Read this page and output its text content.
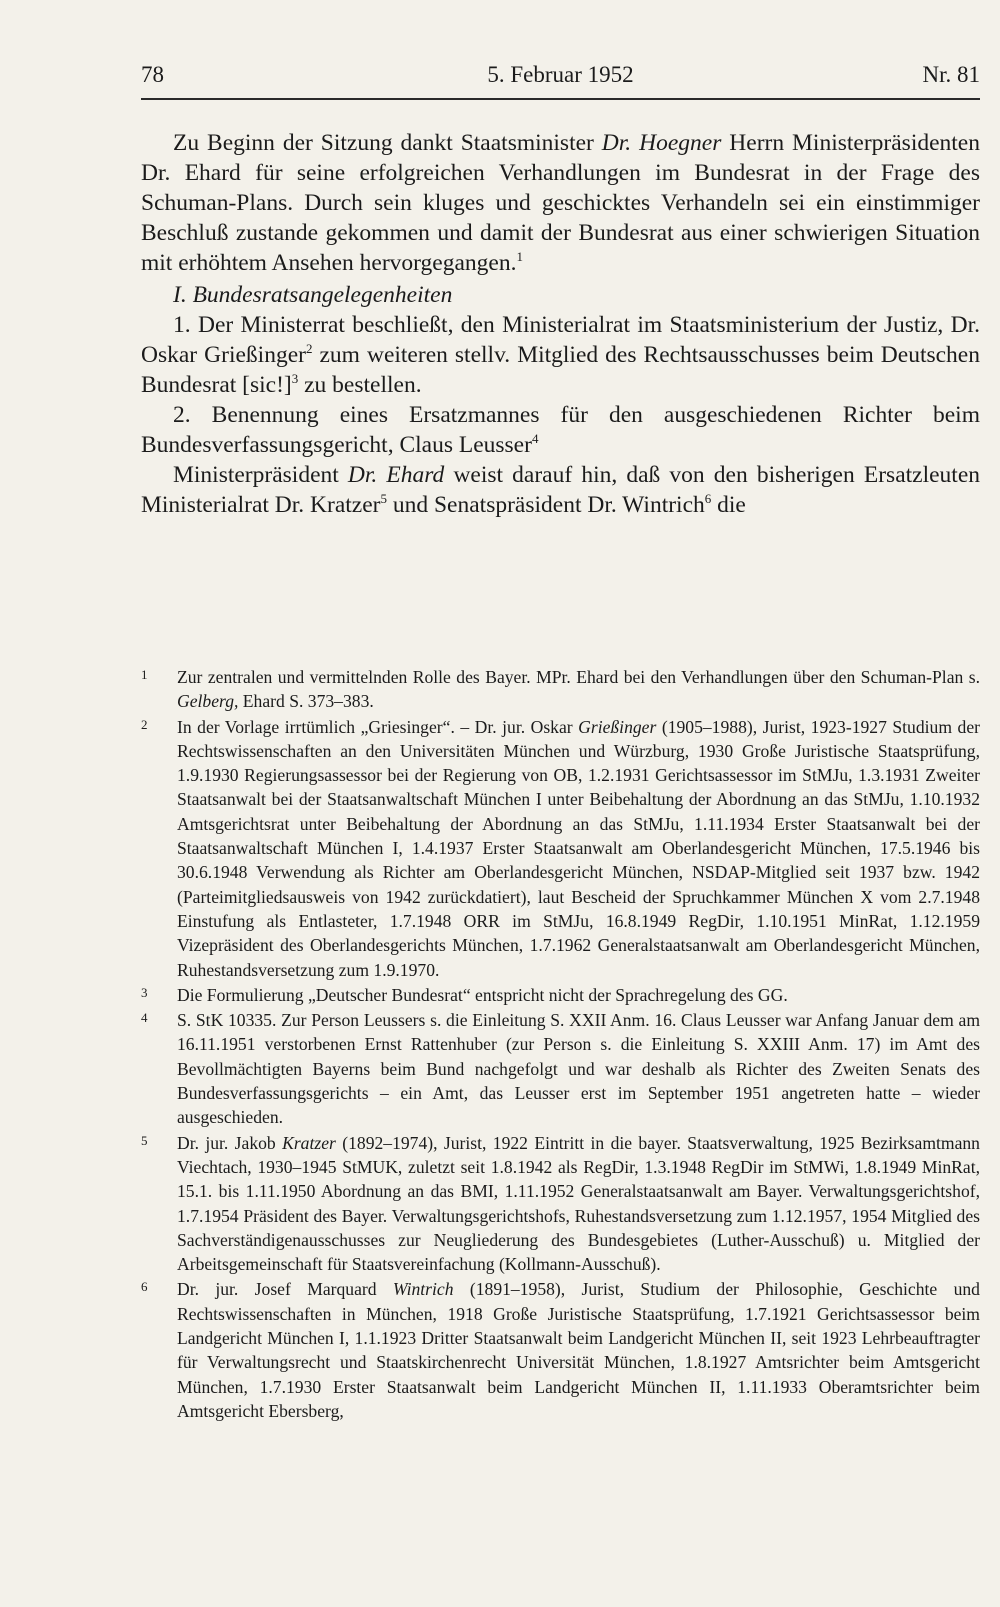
78	5. Februar 1952	Nr. 81

Zu Beginn der Sitzung dankt Staatsminister Dr. Hoegner Herrn Ministerpräsidenten Dr. Ehard für seine erfolgreichen Verhandlungen im Bundesrat in der Frage des Schuman-Plans. Durch sein kluges und geschicktes Verhandeln sei ein einstimmiger Beschluß zustande gekommen und damit der Bundesrat aus einer schwierigen Situation mit erhöhtem Ansehen hervorgegangen.$^1$

I. Bundesratsangelegenheiten

1. Der Ministerrat beschließt, den Ministerialrat im Staatsministerium der Justiz, Dr. Oskar Grießinger$^2$ zum weiteren stellv. Mitglied des Rechtsausschusses beim Deutschen Bundesrat $[sic!]^3$ zu bestellen.

2. Benennung eines Ersatzmannes für den ausgeschiedenen Richter beim Bundesverfassungsgericht, Claus Leusser$^4$

Ministerpräsident Dr. Ehard weist darauf hin, daß von den bisherigen Ersatzleuten Ministerialrat Dr. Kratzer$^5$ und Senatspräsident Dr. Wintrich$^6$ die

1 Zur zentralen und vermittelnden Rolle des Bayer. MPr. Ehard bei den Verhandlungen über den Schuman-Plan s. Gelberg, Ehard S. 373–383.
2 In der Vorlage irrtümlich „Griesinger“. – Dr. jur. Oskar Grießinger (1905–1988), Jurist, 1923-1927 Studium der Rechtswissenschaften an den Universitäten München und Würzburg, 1930 Große Juristische Staatsprüfung, 1.9.1930 Regierungsassessor bei der Regierung von OB, 1.2.1931 Gerichtsassessor im StMJu, 1.3.1931 Zweiter Staatsanwalt bei der Staatsanwaltschaft München I unter Beibehaltung der Abordnung an das StMJu, 1.10.1932 Amtsgerichtsrat unter Beibehaltung der Abordnung an das StMJu, 1.11.1934 Erster Staatsanwalt bei der Staatsanwaltschaft München I, 1.4.1937 Erster Staatsanwalt am Oberlandesgericht München, 17.5.1946 bis 30.6.1948 Verwendung als Richter am Oberlandesgericht München, NSDAP-Mitglied seit 1937 bzw. 1942 (Parteimitgliedsausweis von 1942 zurückdatiert), laut Bescheid der Spruchkammer München X vom 2.7.1948 Einstufung als Entlasteter, 1.7.1948 ORR im StMJu, 16.8.1949 RegDir, 1.10.1951 MinRat, 1.12.1959 Vizepräsident des Oberlandesgerichts München, 1.7.1962 Generalstaatsanwalt am Oberlandesgericht München, Ruhestandsversetzung zum 1.9.1970.
3 Die Formulierung „Deutscher Bundesrat“ entspricht nicht der Sprachregelung des GG.
4 S. StK 10335. Zur Person Leussers s. die Einleitung S. XXII Anm. 16. Claus Leusser war Anfang Januar dem am 16.11.1951 verstorbenen Ernst Rattenhuber (zur Person s. die Einleitung S. XXIII Anm. 17) im Amt des Bevollmächtigten Bayerns beim Bund nachgefolgt und war deshalb als Richter des Zweiten Senats des Bundesverfassungsgerichts – ein Amt, das Leusser erst im September 1951 angetreten hatte – wieder ausgeschieden.
5 Dr. jur. Jakob Kratzer (1892–1974), Jurist, 1922 Eintritt in die bayer. Staatsverwaltung, 1925 Bezirksamtmann Viechtach, 1930–1945 StMUK, zuletzt seit 1.8.1942 als RegDir, 1.3.1948 RegDir im StMWi, 1.8.1949 MinRat, 15.1. bis 1.11.1950 Abordnung an das BMI, 1.11.1952 Generalstaatsanwalt am Bayer. Verwaltungsgerichtshof, 1.7.1954 Präsident des Bayer. Verwaltungsgerichtshofs, Ruhestandsversetzung zum 1.12.1957, 1954 Mitglied des Sachverständigenausschusses zur Neugliederung des Bundesgebietes (Luther-Ausschuß) u. Mitglied der Arbeitsgemeinschaft für Staatsvereinfachung (Kollmann-Ausschuß).
6 Dr. jur. Josef Marquard Wintrich (1891–1958), Jurist, Studium der Philosophie, Geschichte und Rechtswissenschaften in München, 1918 Große Juristische Staatsprüfung, 1.7.1921 Gerichtsassessor beim Landgericht München I, 1.1.1923 Dritter Staatsanwalt beim Landgericht München II, seit 1923 Lehrbeauftragter für Verwaltungsrecht und Staatskirchenrecht Universität München, 1.8.1927 Amtsrichter beim Amtsgericht München, 1.7.1930 Erster Staatsanwalt beim Landgericht München II, 1.11.1933 Oberamtsrichter beim Amtsgericht Ebersberg,
